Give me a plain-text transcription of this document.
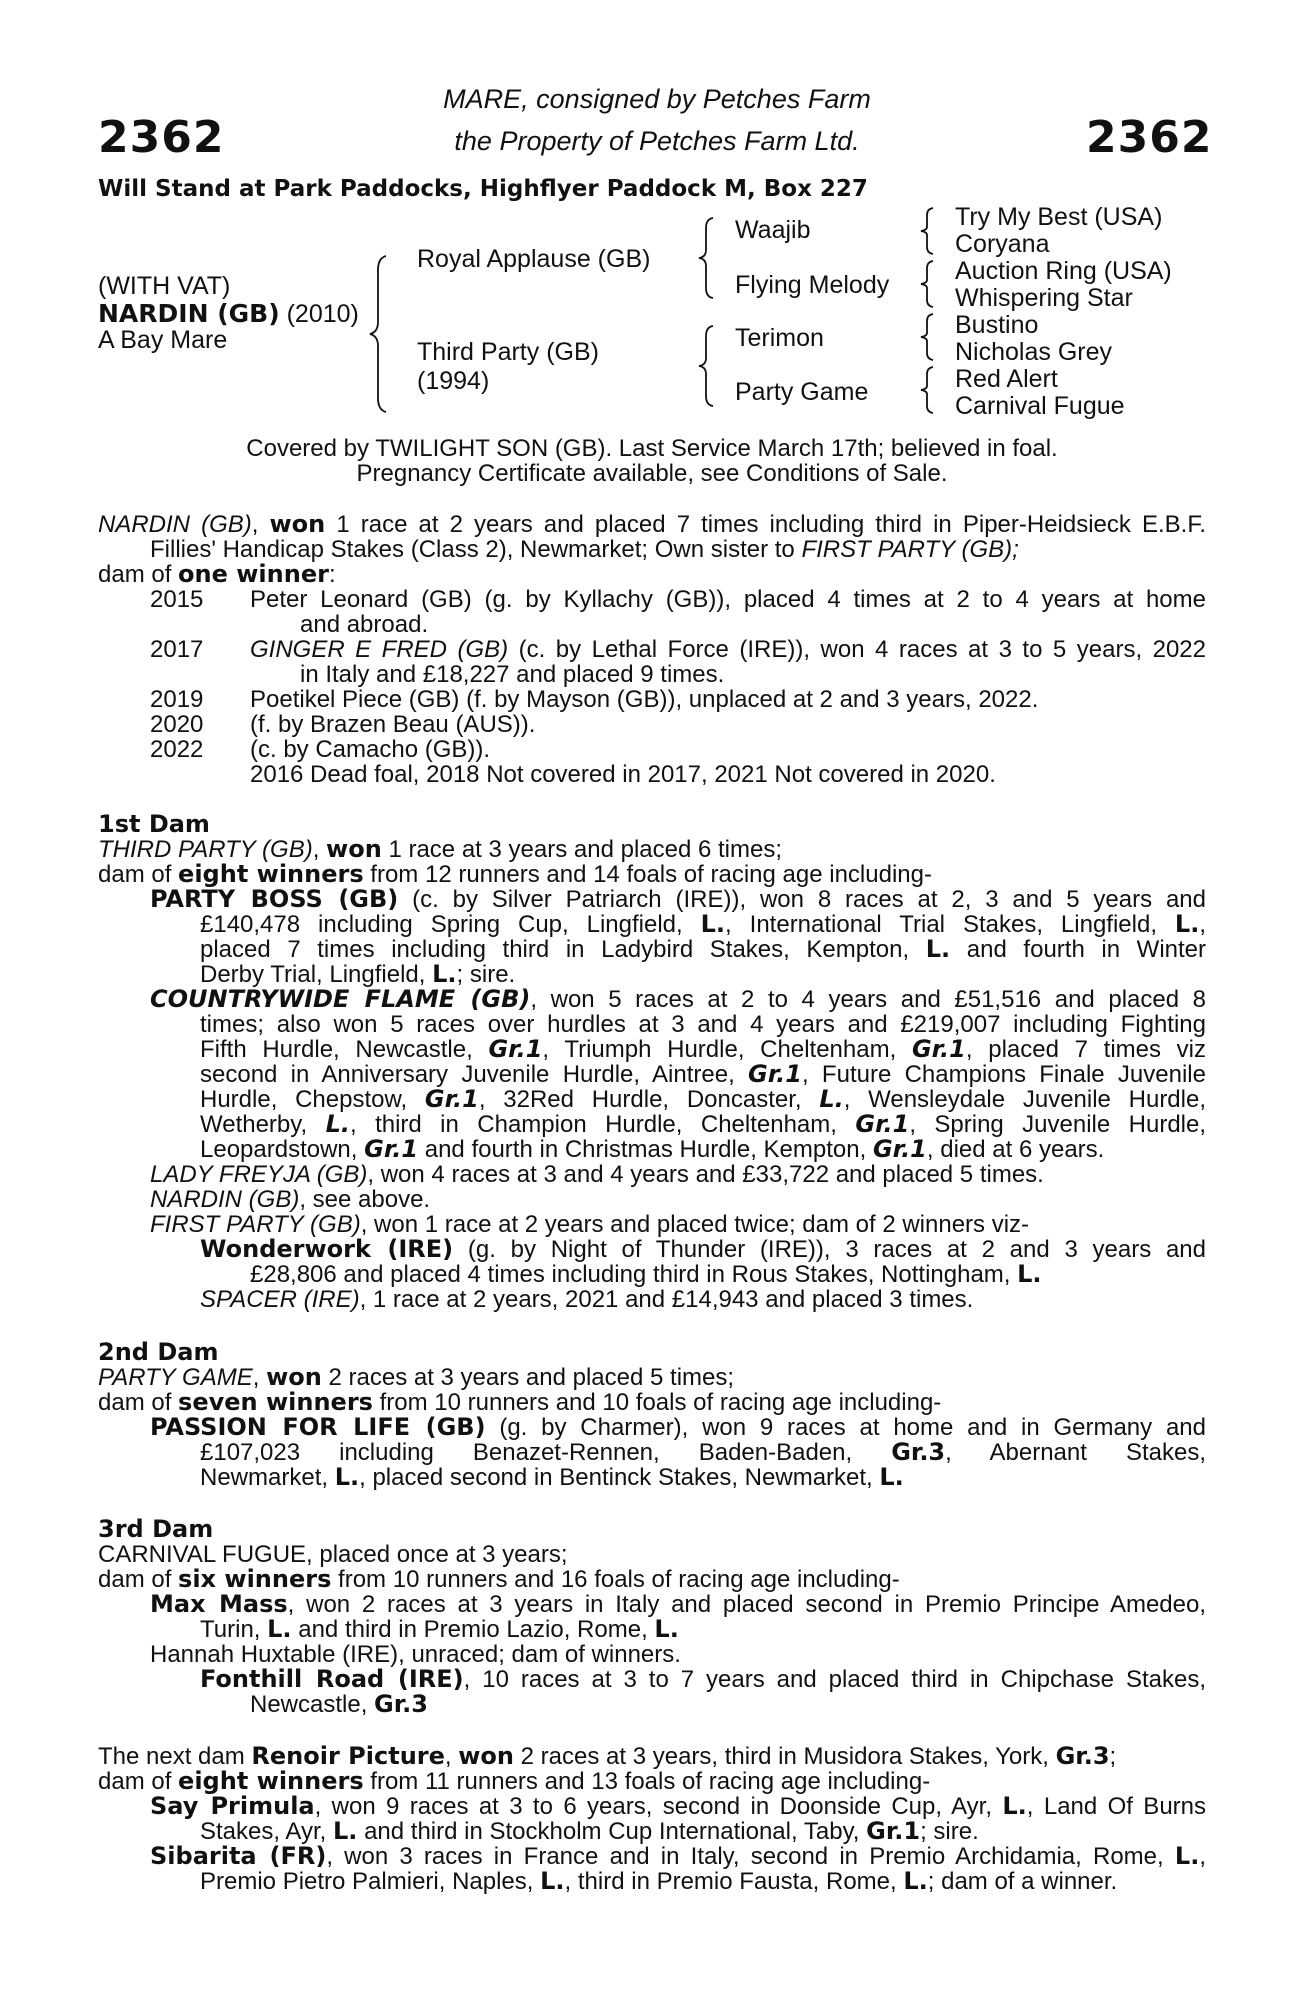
2362	2362
MARE, consigned by Petches Farm
the Property of Petches Farm Ltd.
Will Stand at Park Paddocks, Highflyer Paddock M, Box 227
(WITH VAT)
NARDIN (GB) (2010)
A Bay Mare
Royal Applause (GB)
Third Party (GB)
(1994)
Waajib
Flying Melody
Terimon
Party Game
Try My Best (USA)
Coryana
Auction Ring (USA)
Whispering Star
Bustino
Nicholas Grey
Red Alert
Carnival Fugue
Covered by TWILIGHT SON (GB). Last Service March 17th; believed in foal.
Pregnancy Certificate available, see Conditions of Sale.
NARDIN (GB), won 1 race at 2 years and placed 7 times including third in Piper-Heidsieck E.B.F.
Fillies' Handicap Stakes (Class 2), Newmarket; Own sister to FIRST PARTY (GB);
dam of one winner:
2015 Peter Leonard (GB) (g. by Kyllachy (GB)), placed 4 times at 2 to 4 years at home
and abroad.
2017 GINGER E FRED (GB) (c. by Lethal Force (IRE)), won 4 races at 3 to 5 years, 2022
in Italy and £18,227 and placed 9 times.
2019 Poetikel Piece (GB) (f. by Mayson (GB)), unplaced at 2 and 3 years, 2022.
2020 (f. by Brazen Beau (AUS)).
2022 (c. by Camacho (GB)).
2016 Dead foal, 2018 Not covered in 2017, 2021 Not covered in 2020.
1st Dam
THIRD PARTY (GB), won 1 race at 3 years and placed 6 times;
dam of eight winners from 12 runners and 14 foals of racing age including-
PARTY BOSS (GB) (c. by Silver Patriarch (IRE)), won 8 races at 2, 3 and 5 years and
£140,478 including Spring Cup, Lingfield, L., International Trial Stakes, Lingfield, L.,
placed 7 times including third in Ladybird Stakes, Kempton, L. and fourth in Winter
Derby Trial, Lingfield, L.; sire.
COUNTRYWIDE FLAME (GB), won 5 races at 2 to 4 years and £51,516 and placed 8
times; also won 5 races over hurdles at 3 and 4 years and £219,007 including Fighting
Fifth Hurdle, Newcastle, Gr.1, Triumph Hurdle, Cheltenham, Gr.1, placed 7 times viz
second in Anniversary Juvenile Hurdle, Aintree, Gr.1, Future Champions Finale Juvenile
Hurdle, Chepstow, Gr.1, 32Red Hurdle, Doncaster, L., Wensleydale Juvenile Hurdle,
Wetherby, L., third in Champion Hurdle, Cheltenham, Gr.1, Spring Juvenile Hurdle,
Leopardstown, Gr.1 and fourth in Christmas Hurdle, Kempton, Gr.1, died at 6 years.
LADY FREYJA (GB), won 4 races at 3 and 4 years and £33,722 and placed 5 times.
NARDIN (GB), see above.
FIRST PARTY (GB), won 1 race at 2 years and placed twice; dam of 2 winners viz-
Wonderwork (IRE) (g. by Night of Thunder (IRE)), 3 races at 2 and 3 years and
£28,806 and placed 4 times including third in Rous Stakes, Nottingham, L.
SPACER (IRE), 1 race at 2 years, 2021 and £14,943 and placed 3 times.
2nd Dam
PARTY GAME, won 2 races at 3 years and placed 5 times;
dam of seven winners from 10 runners and 10 foals of racing age including-
PASSION FOR LIFE (GB) (g. by Charmer), won 9 races at home and in Germany and
£107,023 including Benazet-Rennen, Baden-Baden, Gr.3, Abernant Stakes,
Newmarket, L., placed second in Bentinck Stakes, Newmarket, L.
3rd Dam
CARNIVAL FUGUE, placed once at 3 years;
dam of six winners from 10 runners and 16 foals of racing age including-
Max Mass, won 2 races at 3 years in Italy and placed second in Premio Principe Amedeo,
Turin, L. and third in Premio Lazio, Rome, L.
Hannah Huxtable (IRE), unraced; dam of winners.
Fonthill Road (IRE), 10 races at 3 to 7 years and placed third in Chipchase Stakes,
Newcastle, Gr.3
The next dam Renoir Picture, won 2 races at 3 years, third in Musidora Stakes, York, Gr.3;
dam of eight winners from 11 runners and 13 foals of racing age including-
Say Primula, won 9 races at 3 to 6 years, second in Doonside Cup, Ayr, L., Land Of Burns
Stakes, Ayr, L. and third in Stockholm Cup International, Taby, Gr.1; sire.
Sibarita (FR), won 3 races in France and in Italy, second in Premio Archidamia, Rome, L.,
Premio Pietro Palmieri, Naples, L., third in Premio Fausta, Rome, L.; dam of a winner.
